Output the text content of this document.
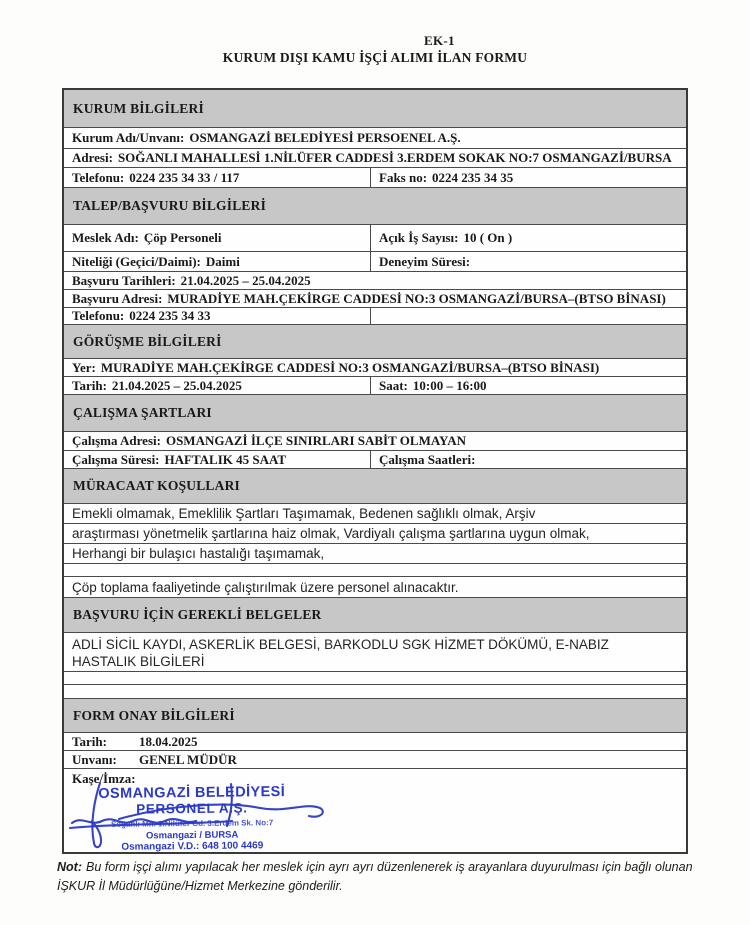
EK-1
KURUM DIŞI KAMU İŞÇİ ALIMI İLAN FORMU
KURUM BİLGİLERİ
Kurum Adı/Unvanı: OSMANGAZİ BELEDİYESİ PERSOENEL A.Ş.
Adresi: SOĞANLI MAHALLESİ 1.NİLÜFER CADDESİ 3.ERDEM SOKAK NO:7 OSMANGAZİ/BURSA
Telefonu: 0224 235 34 33 / 117	Faks no: 0224 235 34 35
TALEP/BAŞVURU BİLGİLERİ
Meslek Adı: Çöp Personeli	Açık İş Sayısı: 10 ( On )
Niteliği (Geçici/Daimi): Daimi	Deneyim Süresi:
Başvuru Tarihleri: 21.04.2025 – 25.04.2025
Başvuru Adresi: MURADİYE MAH.ÇEKİRGE CADDESİ NO:3 OSMANGAZİ/BURSA–(BTSO BİNASI)
Telefonu: 0224 235 34 33
GÖRÜŞME BİLGİLERİ
Yer: MURADİYE MAH.ÇEKİRGE CADDESİ NO:3 OSMANGAZİ/BURSA–(BTSO BİNASI)
Tarih: 21.04.2025 – 25.04.2025	Saat: 10:00 – 16:00
ÇALIŞMA ŞARTLARI
Çalışma Adresi: OSMANGAZİ İLÇE SINIRLARI SABİT OLMAYAN
Çalışma Süresi: HAFTALIK 45 SAAT	Çalışma Saatleri:
MÜRACAAT KOŞULLARI
Emekli olmamak, Emeklilik Şartları Taşımamak, Bedenen sağlıklı olmak, Arşiv
araştırması yönetmelik şartlarına haiz olmak, Vardiyalı çalışma şartlarına uygun olmak,
Herhangi bir bulaşıcı hastalığı taşımamak,
Çöp toplama faaliyetinde çalıştırılmak üzere personel alınacaktır.
BAŞVURU İÇİN GEREKLİ BELGELER
ADLİ SİCİL KAYDI, ASKERLİK BELGESİ, BARKODLU SGK HİZMET DÖKÜMÜ, E-NABIZ HASTALIK BİLGİLERİ
FORM ONAY BİLGİLERİ
Tarih:	18.04.2025
Unvanı:	GENEL MÜDÜR
Kaşe/İmza:
OSMANGAZİ BELEDİYESİ
PERSONEL A.Ş.
Soğanlı Mh. 1.Nilüfer Cd. 3.Erdem Sk. No:7
Osmangazi / BURSA
Osmangazi V.D.: 648 100 4469
Not: Bu form işçi alımı yapılacak her meslek için ayrı ayrı düzenlenerek iş arayanlara duyurulması için bağlı olunan İŞKUR İl Müdürlüğüne/Hizmet Merkezine gönderilir.
